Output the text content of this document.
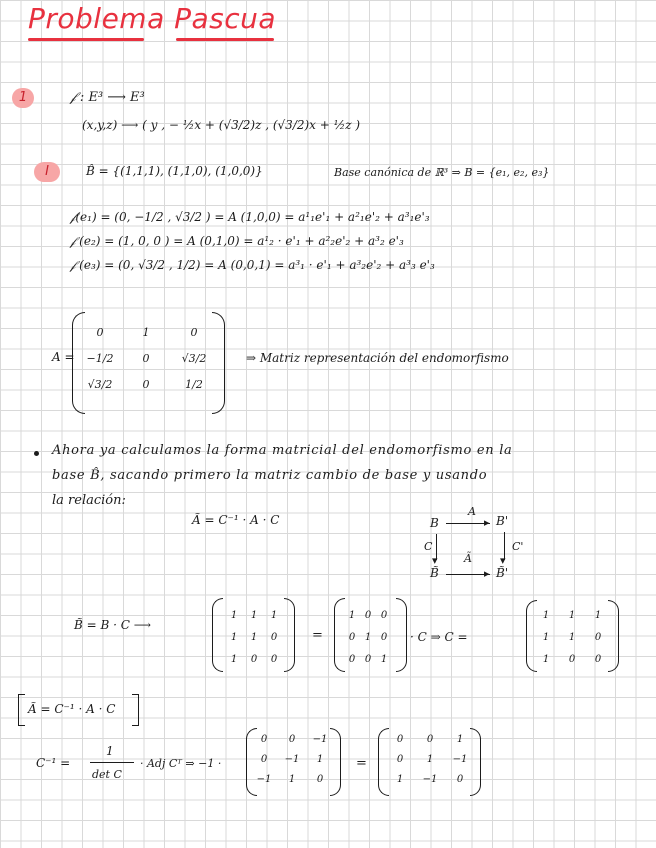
Problema Pascua
1	𝒻 : E³ ⟶ E³
(x,y,z) ⟶ ( y , − ½x + (√3/2)z , (√3/2)x + ½z )
I	B̂ = {(1,1,1), (1,1,0), (1,0,0)}	Base canónica de ℝ³ ⇒ B = {e₁, e₂, e₃}
𝒻(e₁) = (0, −1/2 , √3/2 ) = A (1,0,0) = a¹₁e'₁ + a²₁e'₂ + a³₁e'₃
𝒻 (e₂) = (1, 0, 0 ) = A (0,1,0) = a¹₂ · e'₁ + a²₂e'₂ + a³₂ e'₃
𝒻 (e₃) = (0, √3/2 , 1/2) = A (0,0,1) = a³₁ · e'₁ + a³₂e'₂ + a³₃ e'₃
A =
0	1	0
−1/2	0	√3/2
√3/2	0	1/2
⇒ Matriz representación del endomorfismo
Ahora ya calculamos la forma matricial del endomorfismo en la
base B̂, sacando primero la matriz cambio de base y usando
la relación:
Ã = C⁻¹ · A · C	B	B'
B̃	B̃'
A
Ã
C	C'
▸
▸
▾	▾
B̃ = B · C ⟶
1	1	1
1	1	0
1	0	0
=
1 0 0
0 1 0
0 0 1
· C ⇒ C =
1	1	1
1	1	0
1	0	0
Ã = C⁻¹ · A · C
C⁻¹ =
1
det C
· Adj Cᵀ ⇒ −1 ·
0	0	−1
0	−1	1
−1	1	0
=
0	0	1
0	1	−1
1	−1	0
